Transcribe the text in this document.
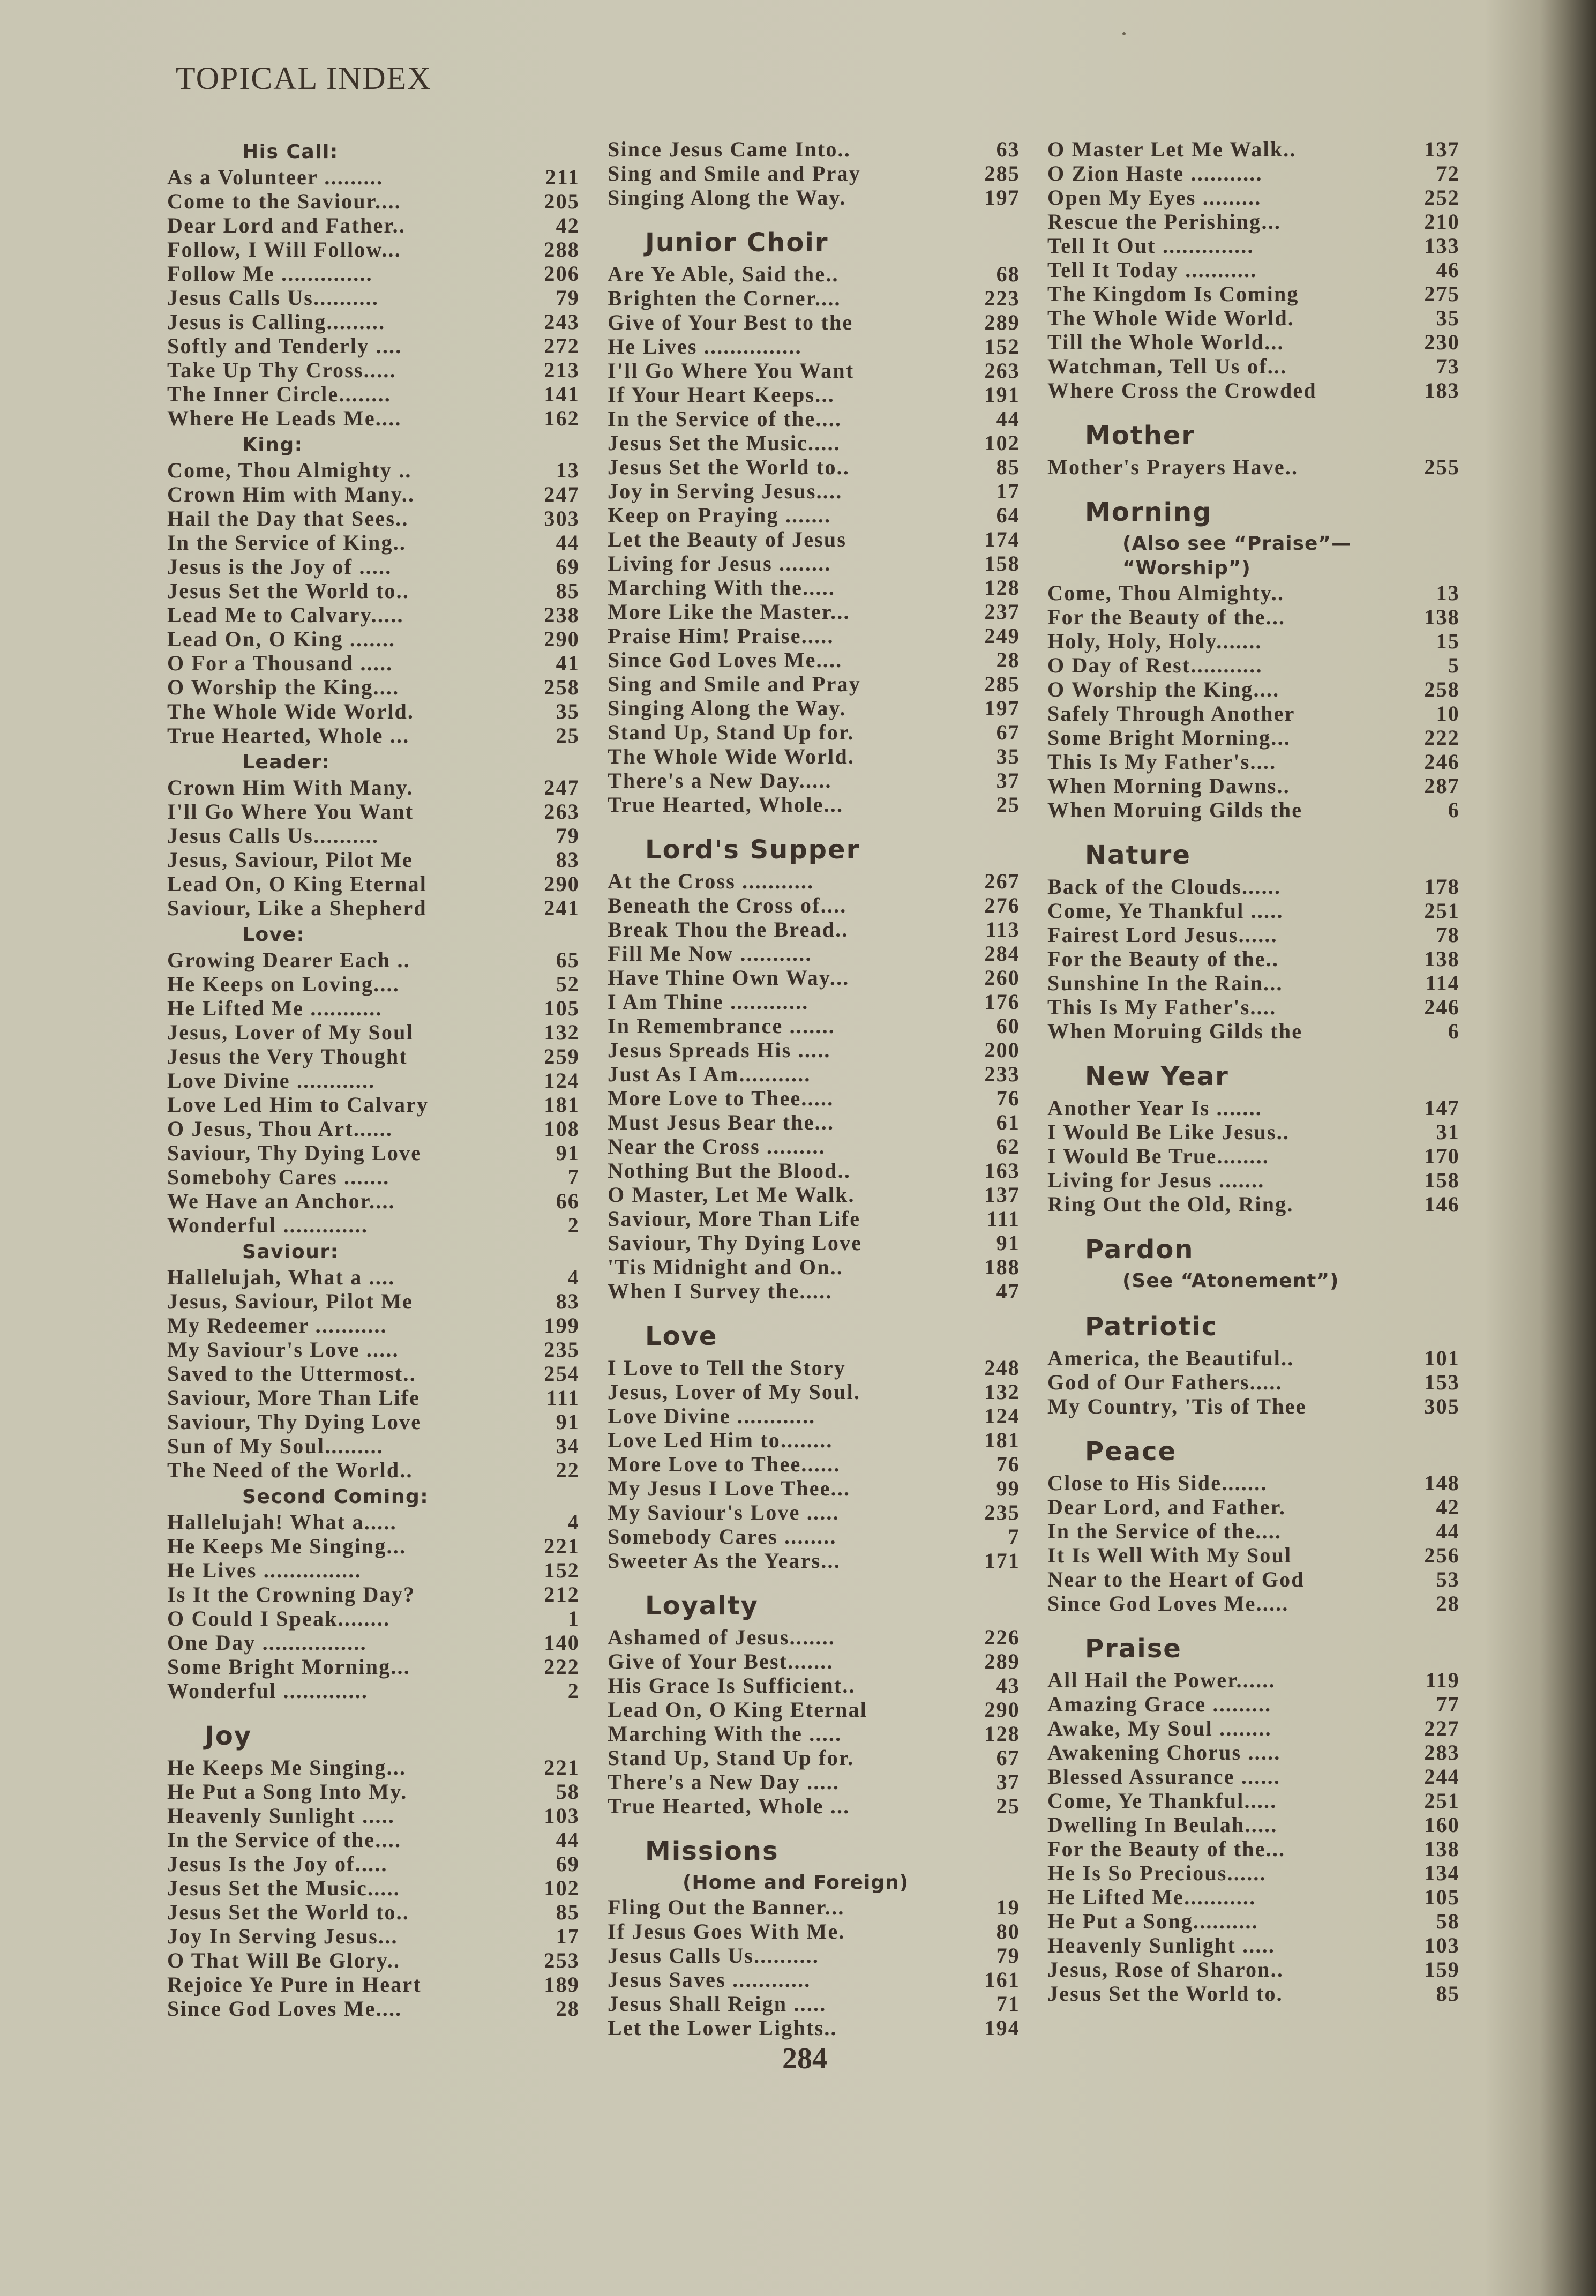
TOPICAL INDEX
His Call:
As a Volunteer .........	211
Come to the Saviour....	205
Dear Lord and Father..	42
Follow, I Will Follow...	288
Follow Me ..............	206
Jesus Calls Us..........	79
Jesus is Calling.........	243
Softly and Tenderly ....	272
Take Up Thy Cross.....	213
The Inner Circle........	141
Where He Leads Me....	162
King:
Come, Thou Almighty ..	13
Crown Him with Many..	247
Hail the Day that Sees..	303
In the Service of King..	44
Jesus is the Joy of .....	69
Jesus Set the World to..	85
Lead Me to Calvary.....	238
Lead On, O King .......	290
O For a Thousand .....	41
O Worship the King....	258
The Whole Wide World.	35
True Hearted, Whole ...	25
Leader:
Crown Him With Many.	247
I'll Go Where You Want	263
Jesus Calls Us..........	79
Jesus, Saviour, Pilot Me	83
Lead On, O King Eternal	290
Saviour, Like a Shepherd	241
Love:
Growing Dearer Each ..	65
He Keeps on Loving....	52
He Lifted Me ...........	105
Jesus, Lover of My Soul	132
Jesus the Very Thought	259
Love Divine ............	124
Love Led Him to Calvary	181
O Jesus, Thou Art......	108
Saviour, Thy Dying Love	91
Somebohy Cares .......	7
We Have an Anchor....	66
Wonderful .............	2
Saviour:
Hallelujah, What a ....	4
Jesus, Saviour, Pilot Me	83
My Redeemer ...........	199
My Saviour's Love .....	235
Saved to the Uttermost..	254
Saviour, More Than Life	111
Saviour, Thy Dying Love	91
Sun of My Soul.........	34
The Need of the World..	22
Second Coming:
Hallelujah! What a.....	4
He Keeps Me Singing...	221
He Lives ...............	152
Is It the Crowning Day?	212
O Could I Speak........	1
One Day ................	140
Some Bright Morning...	222
Wonderful .............	2
Joy
He Keeps Me Singing...	221
He Put a Song Into My.	58
Heavenly Sunlight .....	103
In the Service of the....	44
Jesus Is the Joy of.....	69
Jesus Set the Music.....	102
Jesus Set the World to..	85
Joy In Serving Jesus...	17
O That Will Be Glory..	253
Rejoice Ye Pure in Heart	189
Since God Loves Me....	28
Since Jesus Came Into..	63
Sing and Smile and Pray	285
Singing Along the Way.	197
Junior Choir
Are Ye Able, Said the..	68
Brighten the Corner....	223
Give of Your Best to the	289
He Lives ...............	152
I'll Go Where You Want	263
If Your Heart Keeps...	191
In the Service of the....	44
Jesus Set the Music.....	102
Jesus Set the World to..	85
Joy in Serving Jesus....	17
Keep on Praying .......	64
Let the Beauty of Jesus	174
Living for Jesus ........	158
Marching With the.....	128
More Like the Master...	237
Praise Him! Praise.....	249
Since God Loves Me....	28
Sing and Smile and Pray	285
Singing Along the Way.	197
Stand Up, Stand Up for.	67
The Whole Wide World.	35
There's a New Day.....	37
True Hearted, Whole...	25
Lord's Supper
At the Cross ...........	267
Beneath the Cross of....	276
Break Thou the Bread..	113
Fill Me Now ...........	284
Have Thine Own Way...	260
I Am Thine ............	176
In Remembrance .......	60
Jesus Spreads His .....	200
Just As I Am...........	233
More Love to Thee.....	76
Must Jesus Bear the...	61
Near the Cross .........	62
Nothing But the Blood..	163
O Master, Let Me Walk.	137
Saviour, More Than Life	111
Saviour, Thy Dying Love	91
'Tis Midnight and On..	188
When I Survey the.....	47
Love
I Love to Tell the Story	248
Jesus, Lover of My Soul.	132
Love Divine ............	124
Love Led Him to........	181
More Love to Thee......	76
My Jesus I Love Thee...	99
My Saviour's Love .....	235
Somebody Cares ........	7
Sweeter As the Years...	171
Loyalty
Ashamed of Jesus.......	226
Give of Your Best.......	289
His Grace Is Sufficient..	43
Lead On, O King Eternal	290
Marching With the .....	128
Stand Up, Stand Up for.	67
There's a New Day .....	37
True Hearted, Whole ...	25
Missions
(Home and Foreign)
Fling Out the Banner...	19
If Jesus Goes With Me.	80
Jesus Calls Us..........	79
Jesus Saves ............	161
Jesus Shall Reign .....	71
Let the Lower Lights..	194
O Master Let Me Walk..	137
O Zion Haste ...........	72
Open My Eyes .........	252
Rescue the Perishing...	210
Tell It Out ..............	133
Tell It Today ...........	46
The Kingdom Is Coming	275
The Whole Wide World.	35
Till the Whole World...	230
Watchman, Tell Us of...	73
Where Cross the Crowded	183
Mother
Mother's Prayers Have..	255
Morning
(Also see “Praise”—
“Worship”)
Come, Thou Almighty..	13
For the Beauty of the...	138
Holy, Holy, Holy.......	15
O Day of Rest...........	5
O Worship the King....	258
Safely Through Another	10
Some Bright Morning...	222
This Is My Father's....	246
When Morning Dawns..	287
When Moruing Gilds the	6
Nature
Back of the Clouds......	178
Come, Ye Thankful .....	251
Fairest Lord Jesus......	78
For the Beauty of the..	138
Sunshine In the Rain...	114
This Is My Father's....	246
When Moruing Gilds the	6
New Year
Another Year Is .......	147
I Would Be Like Jesus..	31
I Would Be True........	170
Living for Jesus .......	158
Ring Out the Old, Ring.	146
Pardon
(See “Atonement”)
Patriotic
America, the Beautiful..	101
God of Our Fathers.....	153
My Country, 'Tis of Thee	305
Peace
Close to His Side.......	148
Dear Lord, and Father.	42
In the Service of the....	44
It Is Well With My Soul	256
Near to the Heart of God	53
Since God Loves Me.....	28
Praise
All Hail the Power......	119
Amazing Grace .........	77
Awake, My Soul ........	227
Awakening Chorus .....	283
Blessed Assurance ......	244
Come, Ye Thankful.....	251
Dwelling In Beulah.....	160
For the Beauty of the...	138
He Is So Precious......	134
He Lifted Me...........	105
He Put a Song..........	58
Heavenly Sunlight .....	103
Jesus, Rose of Sharon..	159
Jesus Set the World to.	85
284
